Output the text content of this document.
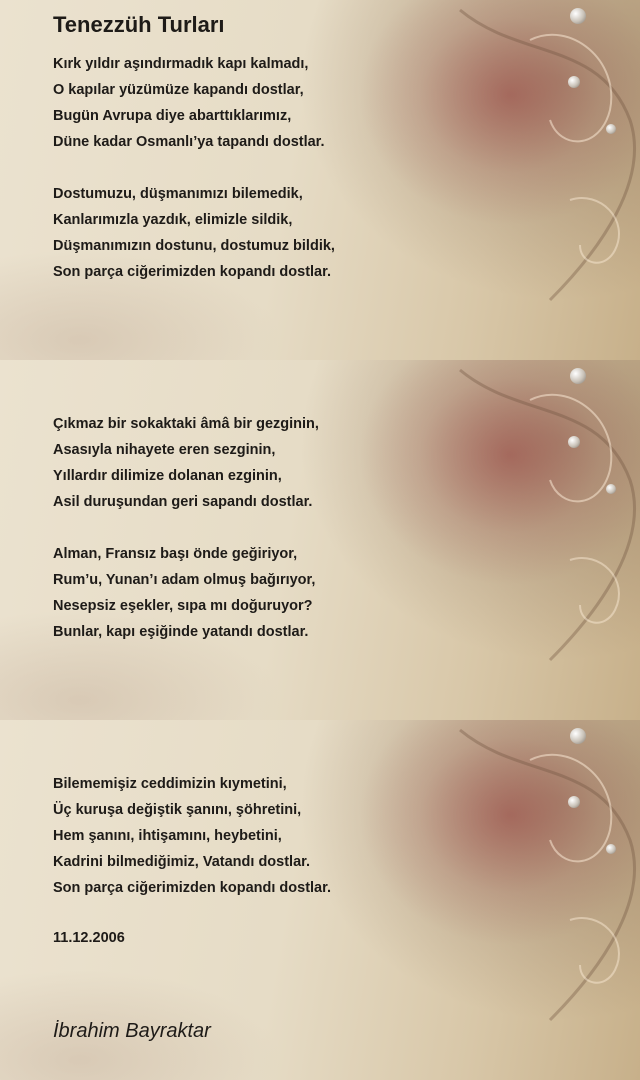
Tenezzüh Turları
Kırk yıldır aşındırmadık kapı kalmadı,
O kapılar yüzümüze kapandı dostlar,
Bugün Avrupa diye abarttıklarımız,
Düne kadar Osmanlı’ya tapandı dostlar.
Dostumuzu, düşmanımızı bilemedik,
Kanlarımızla yazdık, elimizle sildik,
Düşmanımızın dostunu, dostumuz bildik,
Son parça ciğerimizden kopandı dostlar.
Çıkmaz bir sokaktaki âmâ bir gezginin,
Asasıyla nihayete eren sezginin,
Yıllardır dilimize dolanan ezginin,
Asil duruşundan geri sapandı dostlar.
Alman, Fransız başı önde geğiriyor,
Rum’u, Yunan’ı adam olmuş bağırıyor,
Nesepsiz eşekler, sıpa mı doğuruyor?
Bunlar, kapı eşiğinde yatandı dostlar.
Bilememişiz ceddimizin kıymetini,
Üç kuruşa değiştik şanını, şöhretini,
Hem şanını, ihtişamını, heybetini,
Kadrini bilmediğimiz, Vatandı dostlar.
Son parça ciğerimizden kopandı dostlar.
11.12.2006
İbrahim Bayraktar
